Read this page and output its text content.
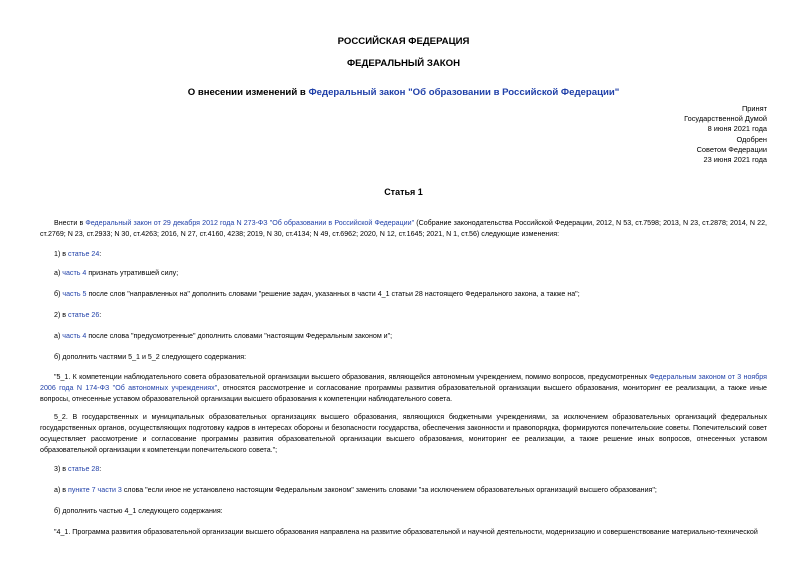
РОССИЙСКАЯ ФЕДЕРАЦИЯ
ФЕДЕРАЛЬНЫЙ ЗАКОН
О внесении изменений в Федеральный закон "Об образовании в Российской Федерации"
Принят
Государственной Думой
8 июня 2021 года
Одобрен
Советом Федерации
23 июня 2021 года
Статья 1
Внести в Федеральный закон от 29 декабря 2012 года N 273-ФЗ "Об образовании в Российской Федерации" (Собрание законодательства Российской Федерации, 2012, N 53, ст.7598; 2013, N 23, ст.2878; 2014, N 22, ст.2769; N 23, ст.2933; N 30, ст.4263; 2016, N 27, ст.4160, 4238; 2019, N 30, ст.4134; N 49, ст.6962; 2020, N 12, ст.1645; 2021, N 1, ст.56) следующие изменения:
1) в статье 24:
а) часть 4 признать утратившей силу;
б) часть 5 после слов "направленных на" дополнить словами "решение задач, указанных в части 4_1 статьи 28 настоящего Федерального закона, а также на";
2) в статье 26:
а) часть 4 после слова "предусмотренные" дополнить словами "настоящим Федеральным законом и";
б) дополнить частями 5_1 и 5_2 следующего содержания:
"5_1. К компетенции наблюдательного совета образовательной организации высшего образования, являющейся автономным учреждением, помимо вопросов, предусмотренных Федеральным законом от 3 ноября 2006 года N 174-ФЗ "Об автономных учреждениях", относятся рассмотрение и согласование программы развития образовательной организации высшего образования, мониторинг ее реализации, а также иные вопросы, отнесенные уставом образовательной организации высшего образования к компетенции наблюдательного совета.
5_2. В государственных и муниципальных образовательных организациях высшего образования, являющихся бюджетными учреждениями, за исключением образовательных организаций федеральных государственных органов, осуществляющих подготовку кадров в интересах обороны и безопасности государства, обеспечения законности и правопорядка, формируются попечительские советы. Попечительский совет осуществляет рассмотрение и согласование программы развития образовательной организации высшего образования, мониторинг ее реализации, а также решение иных вопросов, отнесенных уставом образовательной организации к компетенции попечительского совета.";
3) в статье 28:
а) в пункте 7 части 3 слова "если иное не установлено настоящим Федеральным законом" заменить словами "за исключением образовательных организаций высшего образования";
б) дополнить частью 4_1 следующего содержания:
"4_1. Программа развития образовательной организации высшего образования направлена на развитие образовательной и научной деятельности, модернизацию и совершенствование материально-технической
